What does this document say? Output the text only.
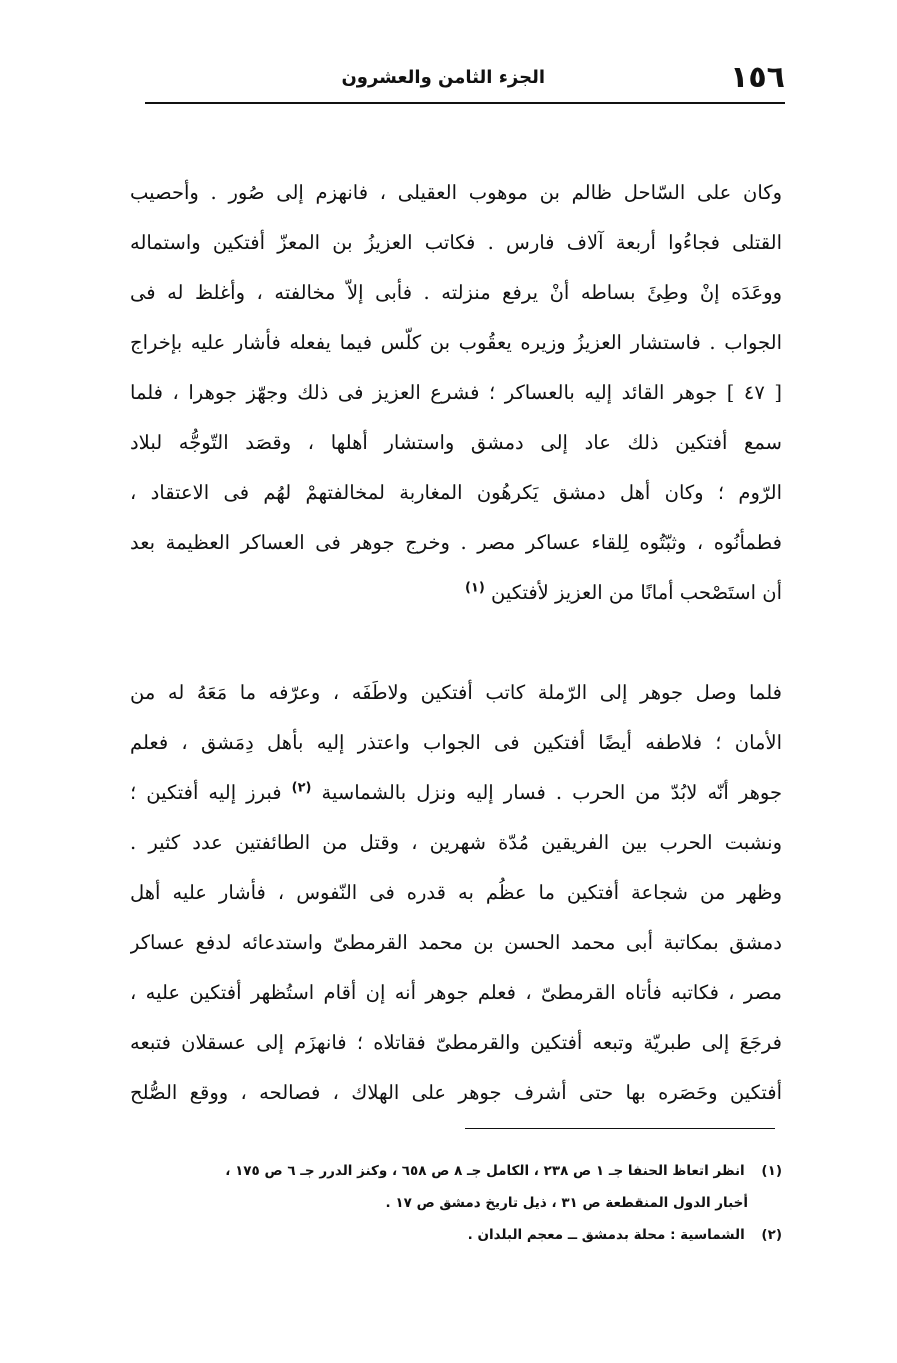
١٥٦
الجزء الثامن والعشرون
وكان على السّاحل ظالم بن موهوب العقيلى ، فانهزم إلى صُور . وأحصيب
القتلى فجاءُوا أربعة آلاف فارس . فكاتب العزيزُ بن المعزّ أفتكين واستماله
ووعَدَه إنْ وطِئَ بساطه أنْ يرفع منزلته . فأبى إلاّ مخالفته ، وأغلظ له فى
الجواب . فاستشار العزيزُ وزيره يعقُوب بن كلّس فيما يفعله فأشار عليه بإخراج
[ ٤٧ ] جوهر القائد إليه بالعساكر ؛ فشرع العزيز فى ذلك وجهّز جوهرا ، فلما
سمع أفتكين ذلك عاد إلى دمشق واستشار أهلها ، وقصَد التّوجُّه لبلاد
الرّوم ؛ وكان أهل دمشق يَكرهُون المغاربة لمخالفتهمْ لهُم فى الاعتقاد ،
فطمأنُوه ، وثبّتُوه لِلقاء عساكر مصر . وخرج جوهر فى العساكر العظيمة بعد
أن استَصْحب أمانًا من العزيز لأفتكين $^{(١)}$
فلما وصل جوهر إلى الرّملة كاتب أفتكين ولاطَفَه ، وعرّفه ما مَعَهُ له من
الأمان ؛ فلاطفه أيضًا أفتكين فى الجواب واعتذر إليه بأهل دِمَشق ، فعلم
جوهر أنّه لابُدّ من الحرب . فسار إليه ونزل بالشماسية $^{(٢)}$ فبرز إليه أفتكين ؛
ونشبت الحرب بين الفريقين مُدّة شهرين ، وقتل من الطائفتين عدد كثير .
وظهر من شجاعة أفتكين ما عظُم به قدره فى النّفوس ، فأشار عليه أهل
دمشق بمكاتبة أبى محمد الحسن بن محمد القرمطىّ واستدعائه لدفع عساكر
مصر ، فكاتبه فأتاه القرمطىّ ، فعلم جوهر أنه إن أقام استُظهر أفتكين عليه ،
فرجَعَ إلى طبريّة وتبعه أفتكين والقرمطىّ فقاتلاه ؛ فانهزَم إلى عسقلان فتبعه
أفتكين وحَصَره بها حتى أشرف جوهر على الهلاك ، فصالحه ، ووقع الصُّلح
(١) انظر اتعاظ الحنفا جـ ١ ص ٢٣٨ ، الكامل جـ ٨ ص ٦٥٨ ، وكنز الدرر جـ ٦ ص ١٧٥ ،
أخبار الدول المنقطعة ص ٣١ ، ذيل تاريخ دمشق ص ١٧ .
(٢) الشماسية : محلة بدمشق ــ معجم البلدان .
